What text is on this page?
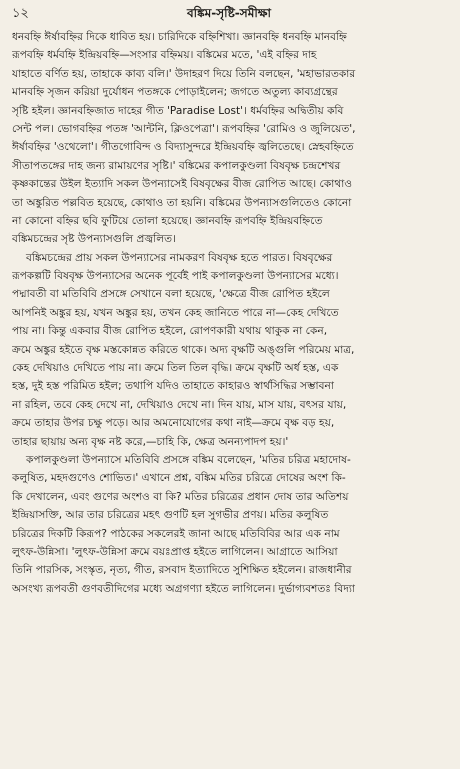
১২	বঙ্কিম-সৃষ্টি-সমীক্ষা
ধনবহ্নি ঈর্ষাবহ্নির দিকে ধাবিত হয়। চারিদিকে বহ্নিশিখা। জ্ঞানবহ্নি ধনবহ্নি মানবহ্নি
রূপবহ্নি ধর্মবহ্নি ইন্দ্রিয়বহ্নি—সংসার বহ্নিময়। বঙ্কিমের মতে, 'এই বহ্নির দাহ
যাহাতে বর্ণিত হয়, তাহাকে কাব্য বলি।' উদাহরণ দিয়ে তিনি বলছেন, 'মহাভারতকার
মানবহ্নি সৃজন করিয়া দুর্যোধন পতঙ্গকে পোড়াইলেন; জগতে অতুল্য কাব্যগ্রন্থের
সৃষ্টি হইল। জ্ঞানবহ্নিজাত দাহের গীত 'Paradise Lost'। ধর্মবহ্নির অদ্বিতীয় কবি
সেন্ট পল। ভোগবহ্নির পতঙ্গ 'আন্টনি, ক্লিওপেত্রা'। রূপবহ্নির 'রোমিও ও জুলিয়েত',
ঈর্ষাবহ্নির 'ওথেলো'। গীতগোবিন্দ ও বিদ্যাসুন্দরে ইন্দ্রিয়বহ্নি জ্বলিতেছে। স্নেহবহ্নিতে
সীতাপতঙ্গের দাহ জন্য রামায়ণের সৃষ্টি।' বঙ্কিমের কপালকুণ্ডলা বিষবৃক্ষ চন্দ্রশেখর
কৃষ্ণকান্তের উইল ইত্যাদি সকল উপন্যাসেই বিষবৃক্ষের বীজ রোপিত আছে। কোথাও
তা অঙ্কুরিত পল্লবিত হয়েছে, কোথাও তা হয়নি। বঙ্কিমের উপন্যাসগুলিতেও কোনো
না কোনো বহ্নির ছবি ফুটিয়ে তোলা হয়েছে। জ্ঞানবহ্নি রূপবহ্নি ইন্দ্রিয়বহ্নিতে
বঙ্কিমচন্দ্রের সৃষ্ট উপন্যাসগুলি প্রজ্বলিত।
বঙ্কিমচন্দ্রের প্রায় সকল উপন্যাসের নামকরণ বিষবৃক্ষ হতে পারত। বিষবৃক্ষের
রূপকল্পটি বিষবৃক্ষ উপন্যাসের অনেক পূর্বেই পাই কপালকুণ্ডলা উপন্যাসের মধ্যে।
পদ্মাবতী বা মতিবিবি প্রসঙ্গে সেখানে বলা হয়েছে, 'ক্ষেত্রে বীজ রোপিত হইলে
আপনিই অঙ্কুর হয়, যখন অঙ্কুর হয়, তখন কেহ জানিতে পারে না—কেহ দেখিতে
পায় না। কিন্তু একবার বীজ রোপিত হইলে, রোপণকারী যথায় থাকুক না কেন,
ক্রমে অঙ্কুর হইতে বৃক্ষ মস্তকোন্নত করিতে থাকে। অদ্য বৃক্ষটি অঙ্গুলি পরিমেয় মাত্র,
কেহ দেখিয়াও দেখিতে পায় না। ক্রমে তিল তিল বৃদ্ধি। ক্রমে বৃক্ষটি অর্ধ হস্ত, এক
হস্ত, দুই হস্ত পরিমিত হইল; তথাপি যদিও তাহাতে কাহারও স্বার্থসিদ্ধির সম্ভাবনা
না রহিল, তবে কেহ দেখে না, দেখিয়াও দেখে না। দিন যায়, মাস যায়, বৎসর যায়,
ক্রমে তাহার উপর চক্ষু পড়ে। আর অমনোযোগের কথা নাই—ক্রমে বৃক্ষ বড় হয়,
তাহার ছায়ায় অন্য বৃক্ষ নষ্ট করে,—চাহি কি, ক্ষেত্র অনন্যপাদপ হয়।'
কপালকুণ্ডলা উপন্যাসে মতিবিবি প্রসঙ্গে বঙ্কিম বলেছেন, 'মতির চরিত্র মহাদোষ-
কলুষিত, মহদগুণেও শোভিত।' এখানে প্রশ্ন, বঙ্কিম মতির চরিত্রে দোষের অংশ কি-
কি দেখালেন, এবং গুণের অংশও বা কি? মতির চরিত্রের প্রধান দোষ তার অতিশয়
ইন্দ্রিয়াসক্তি, আর তার চরিত্রের মহৎ গুণটি হল সুগভীর প্রণয়। মতির কলুষিত
চরিত্রের দিকটি কিরূপ? পাঠকের সকলেরই জানা আছে মতিবিবির আর এক নাম
লুৎফ-উন্নিসা। 'লুৎফ-উন্নিসা ক্রমে বয়ঃপ্রাপ্ত হইতে লাগিলেন। আগ্রাতে আসিয়া
তিনি পারসিক, সংস্কৃত, নৃত্য, গীত, রসবাদ ইত্যাদিতে সুশিক্ষিত হইলেন। রাজধানীর
অসংখ্য রূপবতী গুণবতীদিগের মধ্যে অগ্রগণ্যা হইতে লাগিলেন। দুর্ভাগ্যবশতঃ বিদ্যা
